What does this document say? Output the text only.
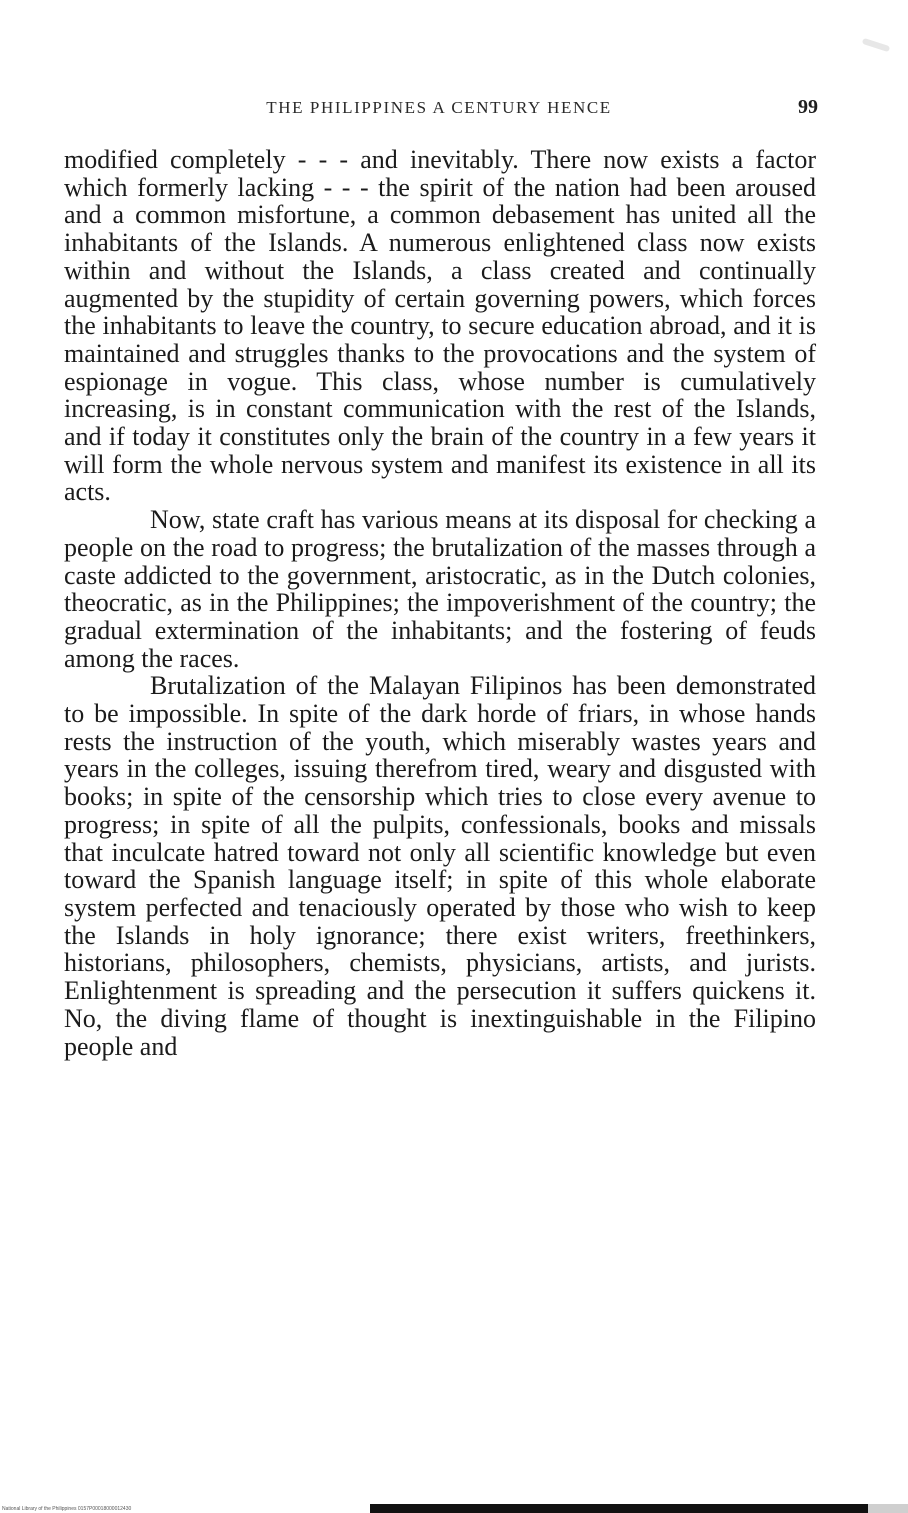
THE PHILIPPINES A CENTURY HENCE	99

modified completely - - - and inevitably. There now exists a factor which formerly lacking - - - the spirit of the nation had been aroused and a common misfortune, a common debasement has united all the inhabitants of the Islands. A numerous enlightened class now exists within and without the Islands, a class created and continually augmented by the stupidity of certain governing powers, which forces the inhabitants to leave the country, to secure education abroad, and it is maintained and struggles thanks to the provocations and the system of espionage in vogue. This class, whose number is cumulatively increasing, is in constant communication with the rest of the Islands, and if today it constitutes only the brain of the country in a few years it will form the whole nervous system and manifest its existence in all its acts.

Now, state craft has various means at its disposal for checking a people on the road to progress; the brutalization of the masses through a caste addicted to the government, aristocratic, as in the Dutch colonies, theocratic, as in the Philippines; the impoverishment of the country; the gradual extermination of the inhabitants; and the fostering of feuds among the races.

Brutalization of the Malayan Filipinos has been demonstrated to be impossible. In spite of the dark horde of friars, in whose hands rests the instruction of the youth, which miserably wastes years and years in the colleges, issuing therefrom tired, weary and disgusted with books; in spite of the censorship which tries to close every avenue to progress; in spite of all the pulpits, confessionals, books and missals that inculcate hatred toward not only all scientific knowledge but even toward the Spanish language itself; in spite of this whole elaborate system perfected and tenaciously operated by those who wish to keep the Islands in holy ignorance; there exist writers, freethinkers, historians, philosophers, chemists, physicians, artists, and jurists. Enlightenment is spreading and the persecution it suffers quickens it. No, the diving flame of thought is inextinguishable in the Filipino people and

National Library of the Philippines 0157P00018000012430
